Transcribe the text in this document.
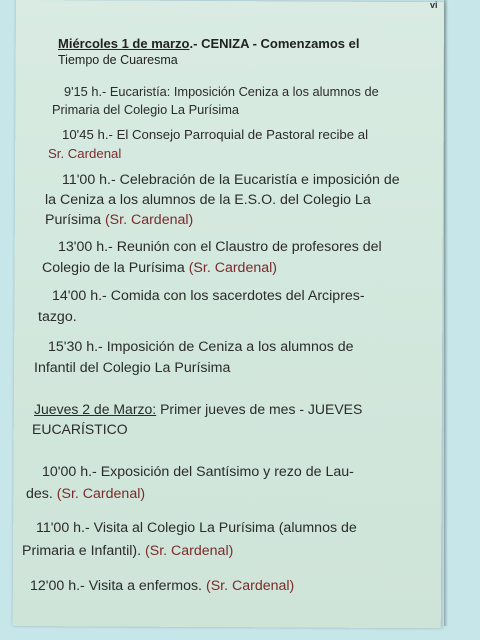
vi
Miércoles 1 de marzo.- CENIZA - Comenzamos el
Tiempo de Cuaresma
9'15 h.- Eucaristía: Imposición Ceniza a los alumnos de
Primaria del Colegio La Purísima
10'45 h.- El Consejo Parroquial de Pastoral recibe al
Sr. Cardenal
11'00 h.- Celebración de la Eucaristía e imposición de
la Ceniza a los alumnos de la E.S.O. del Colegio La
Purísima (Sr. Cardenal)
13'00 h.- Reunión con el Claustro de profesores del
Colegio de la Purísima (Sr. Cardenal)
14'00 h.- Comida con los sacerdotes del Arcipres-
tazgo.
15'30 h.- Imposición de Ceniza a los alumnos de
Infantil del Colegio La Purísima
Jueves 2 de Marzo: Primer jueves de mes - JUEVES
EUCARÍSTICO
10'00 h.- Exposición del Santísimo y rezo de Lau-
des. (Sr. Cardenal)
11'00 h.- Visita al Colegio La Purísima (alumnos de
Primaria e Infantil). (Sr. Cardenal)
12'00 h.- Visita a enfermos. (Sr. Cardenal)
